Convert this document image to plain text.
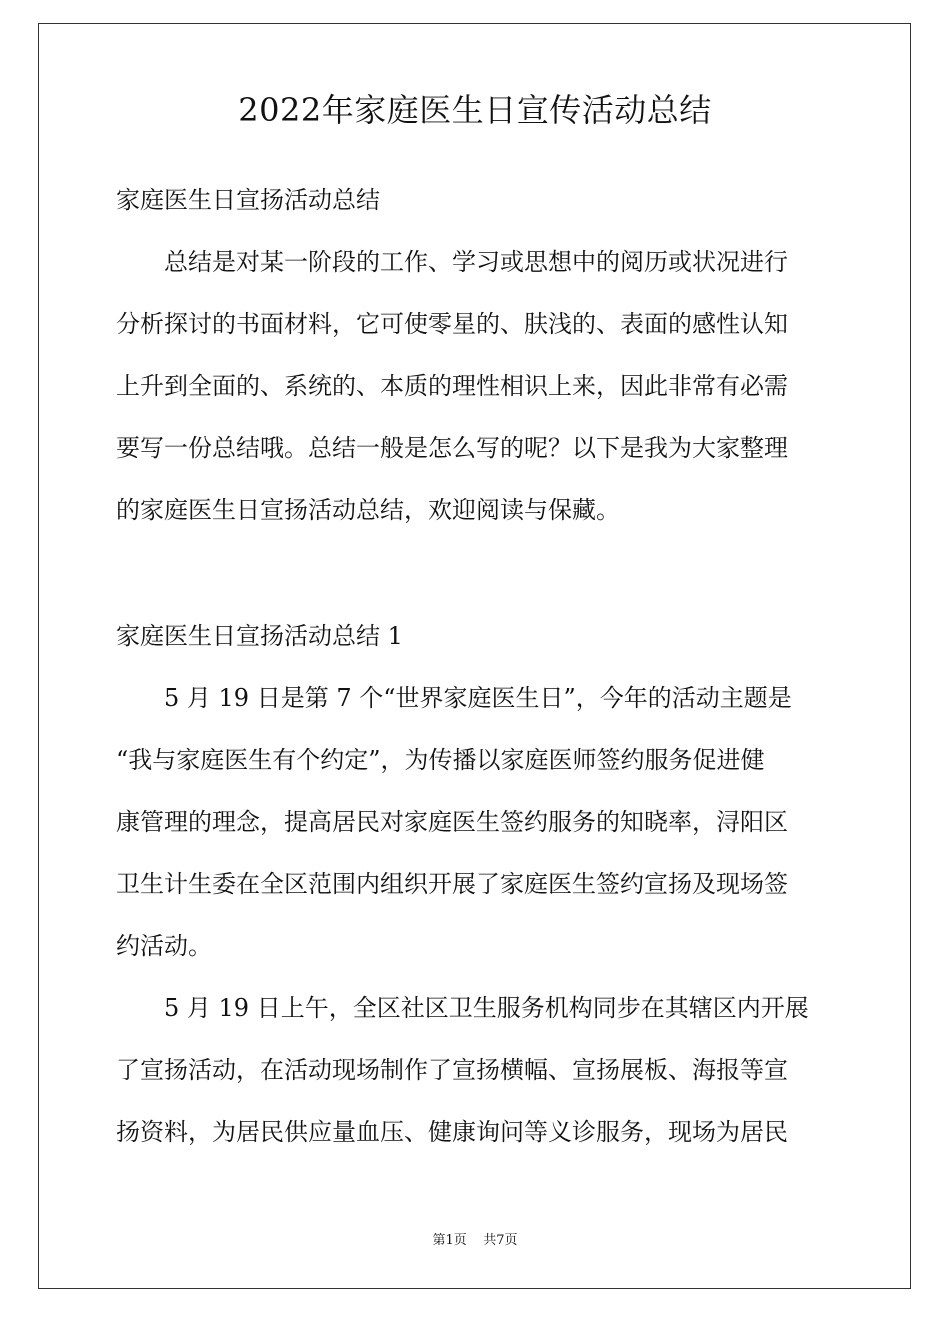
2022年家庭医生日宣传活动总结

家庭医生日宣扬活动总结

总结是对某一阶段的工作、学习或思想中的阅历或状况进行

分析探讨的书面材料，它可使零星的、肤浅的、表面的感性认知

上升到全面的、系统的、本质的理性相识上来，因此非常有必需

要写一份总结哦。总结一般是怎么写的呢？以下是我为大家整理

的家庭医生日宣扬活动总结，欢迎阅读与保藏。

家庭医生日宣扬活动总结 1

5 月 19 日是第 7 个“世界家庭医生日”，今年的活动主题是

“我与家庭医生有个约定”，为传播以家庭医师签约服务促进健

康管理的理念，提高居民对家庭医生签约服务的知晓率，浔阳区

卫生计生委在全区范围内组织开展了家庭医生签约宣扬及现场签

约活动。

5 月 19 日上午，全区社区卫生服务机构同步在其辖区内开展

了宣扬活动，在活动现场制作了宣扬横幅、宣扬展板、海报等宣

扬资料，为居民供应量血压、健康询问等义诊服务，现场为居民

第1页    共7页
